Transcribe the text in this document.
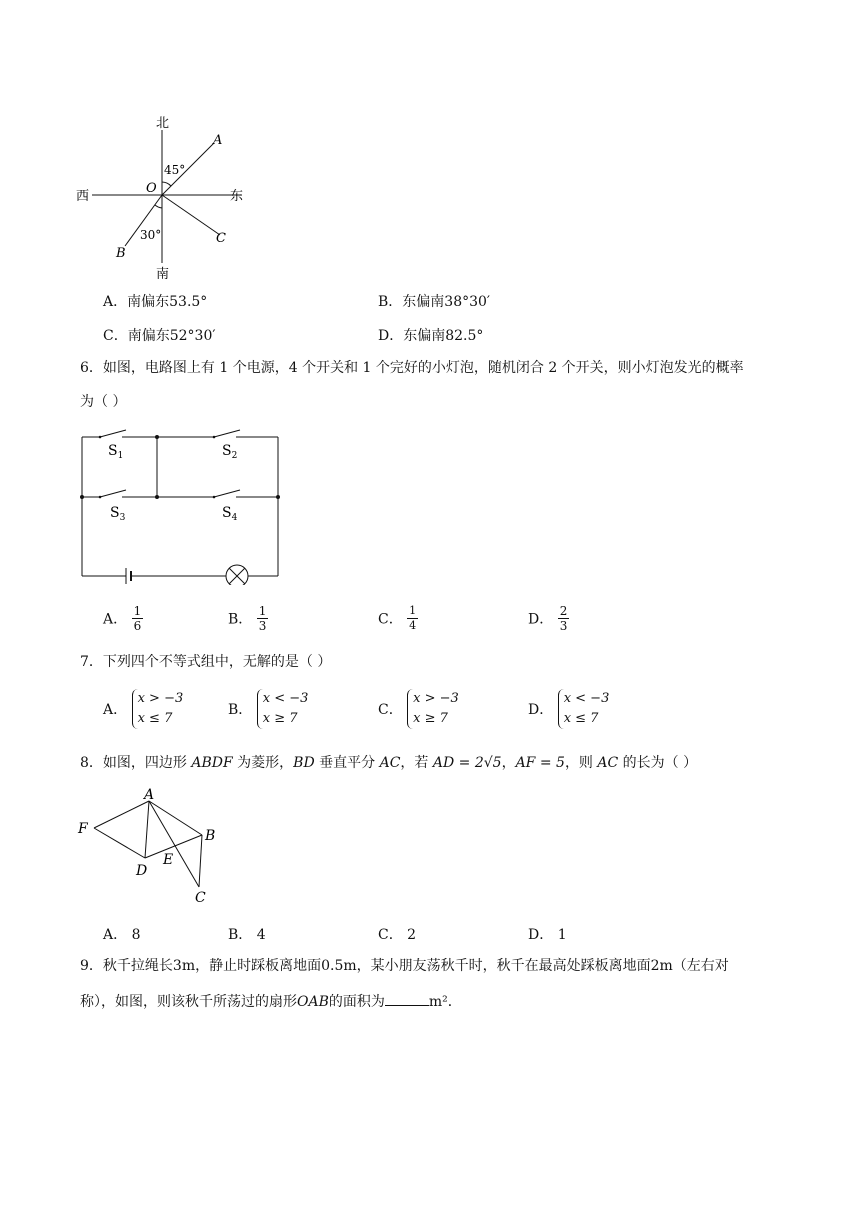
北
南
西	东
O
A
B
C
45°
30°
A．南偏东53.5°	B．东偏南38°30′
C．南偏东52°30′	D．东偏南82.5°
6．如图，电路图上有 1 个电源，4 个开关和 1 个完好的小灯泡，随机闭合 2 个开关，则小灯泡发光的概率
为（ ）
$S_1$	$S_2$
$S_3$	$S_4$
A． $\frac{1}{6}$	B． $\frac{1}{3}$	C． $\frac{1}{4}$	D． $\frac{2}{3}$
7．下列四个不等式组中，无解的是（ ）
A．
x > −3
x ≤ 7
B．
x < −3
x ≥ 7
C．
x > −3
x ≥ 7
D．
x < −3
x ≤ 7
8．如图，四边形 ABDF 为菱形，BD 垂直平分 AC，若 AD = 2√5，AF = 5，则 AC 的长为（ ）
A
B
C
D
E
F
A． 8	B． 4	C． 2	D． 1
9．秋千拉绳长3m，静止时踩板离地面0.5m，某小朋友荡秋千时，秋千在最高处踩板离地面2m（左右对
称），如图，则该秋千所荡过的扇形OAB的面积为	m²．
